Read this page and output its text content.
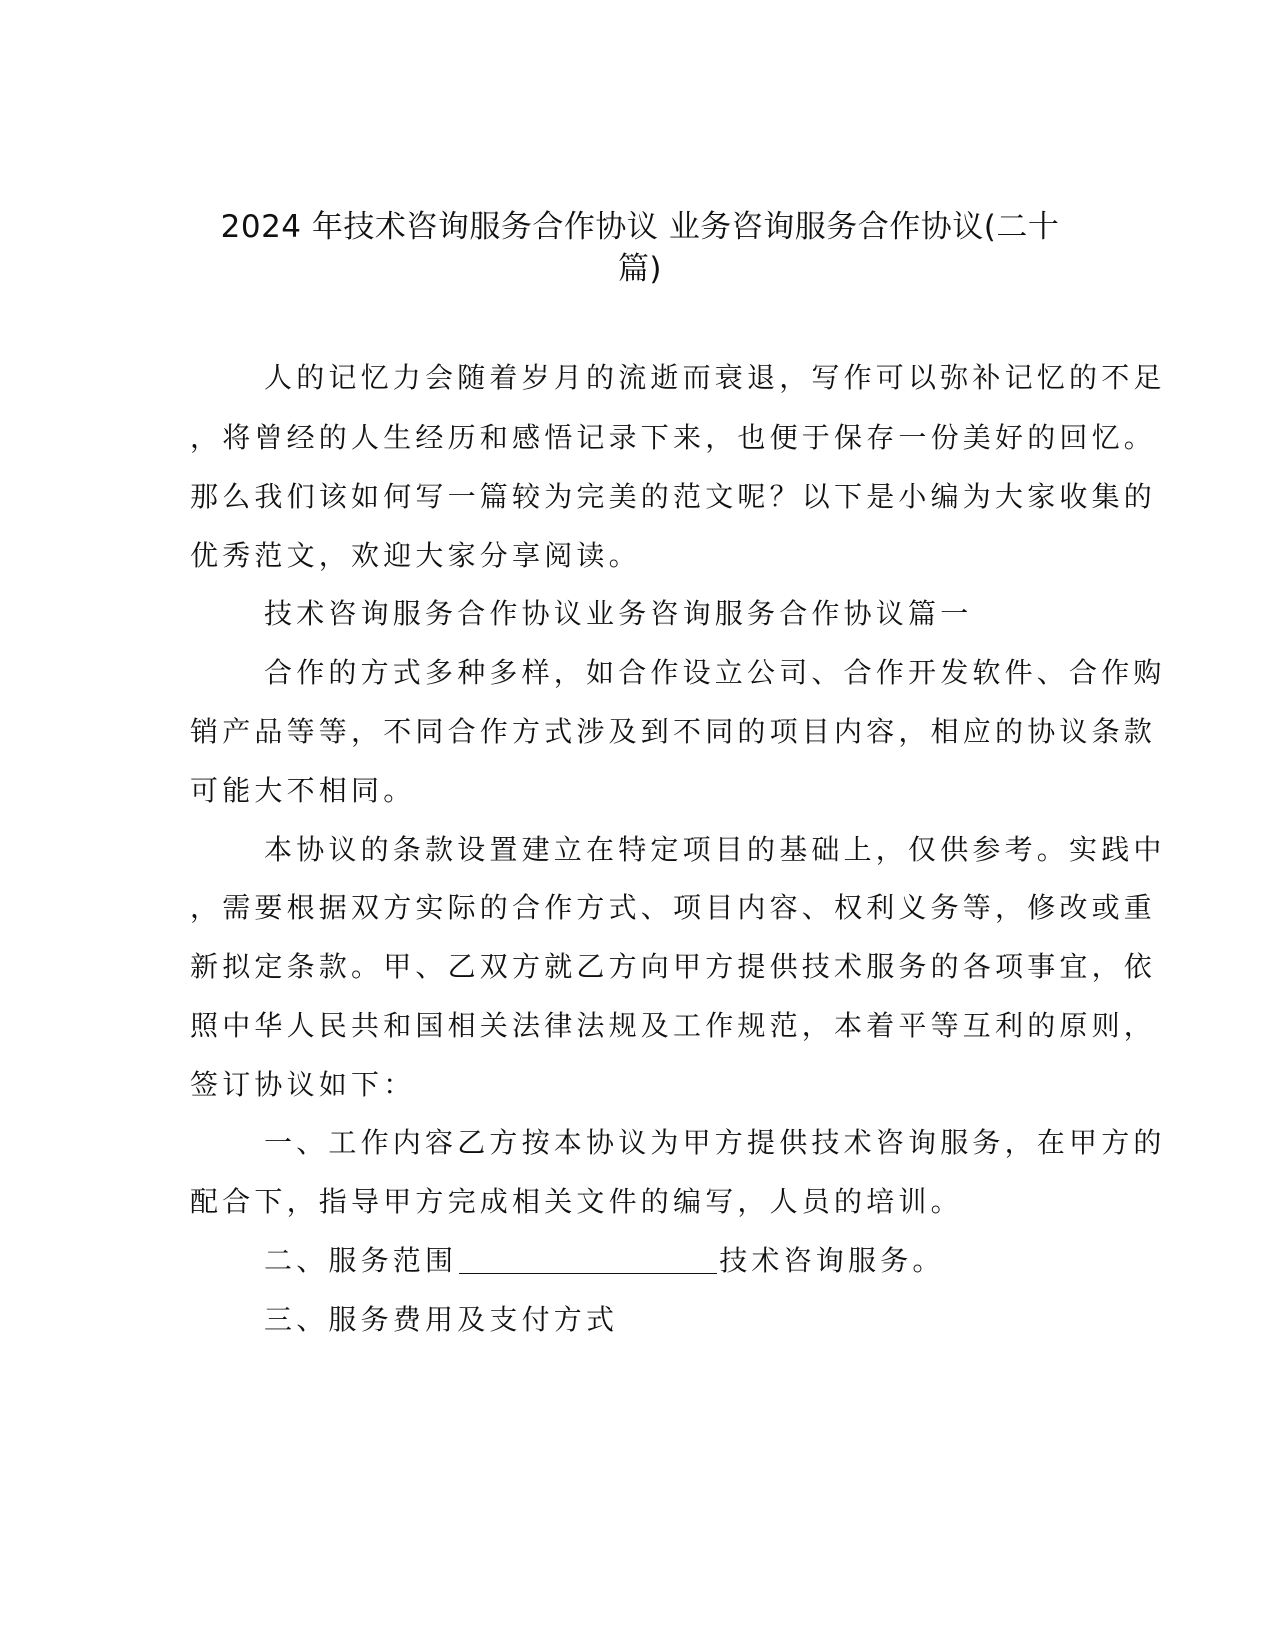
2024 年技术咨询服务合作协议 业务咨询服务合作协议(二十
篇)
人的记忆力会随着岁月的流逝而衰退，写作可以弥补记忆的不足
，将曾经的人生经历和感悟记录下来，也便于保存一份美好的回忆。
那么我们该如何写一篇较为完美的范文呢？以下是小编为大家收集的
优秀范文，欢迎大家分享阅读。
技术咨询服务合作协议业务咨询服务合作协议篇一
合作的方式多种多样，如合作设立公司、合作开发软件、合作购
销产品等等，不同合作方式涉及到不同的项目内容，相应的协议条款
可能大不相同。
本协议的条款设置建立在特定项目的基础上，仅供参考。实践中
，需要根据双方实际的合作方式、项目内容、权利义务等，修改或重
新拟定条款。甲、乙双方就乙方向甲方提供技术服务的各项事宜，依
照中华人民共和国相关法律法规及工作规范，本着平等互利的原则，
签订协议如下：
一、工作内容乙方按本协议为甲方提供技术咨询服务，在甲方的
配合下，指导甲方完成相关文件的编写，人员的培训。
二、服务范围	技术咨询服务。
三、服务费用及支付方式
